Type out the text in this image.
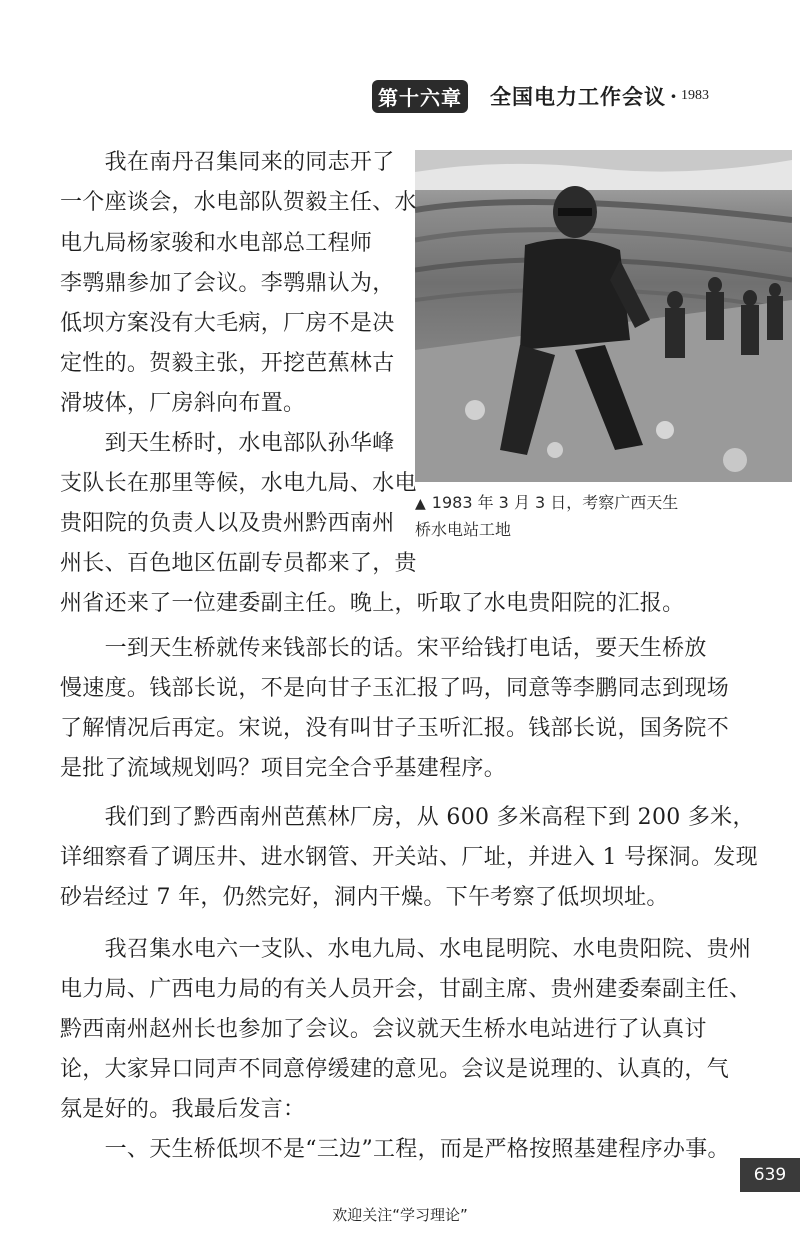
第十六章 全国电力工作会议 · 1983
▲ 1983 年 3 月 3 日，考察广西天生
桥水电站工地

　　我在南丹召集同来的同志开了

一个座谈会，水电部队贺毅主任、水

电九局杨家骏和水电部总工程师

李鹗鼎参加了会议。李鹗鼎认为，

低坝方案没有大毛病，厂房不是决

定性的。贺毅主张，开挖芭蕉林古

滑坡体，厂房斜向布置。

　　到天生桥时，水电部队孙华峰

支队长在那里等候，水电九局、水电

贵阳院的负责人以及贵州黔西南州

州长、百色地区伍副专员都来了，贵

州省还来了一位建委副主任。晚上，听取了水电贵阳院的汇报。

　　一到天生桥就传来钱部长的话。宋平给钱打电话，要天生桥放

慢速度。钱部长说，不是向甘子玉汇报了吗，同意等李鹏同志到现场

了解情况后再定。宋说，没有叫甘子玉听汇报。钱部长说，国务院不

是批了流域规划吗？项目完全合乎基建程序。

　　我们到了黔西南州芭蕉林厂房，从 600 多米高程下到 200 多米，

详细察看了调压井、进水钢管、开关站、厂址，并进入 1 号探洞。发现

砂岩经过 7 年，仍然完好，洞内干燥。下午考察了低坝坝址。

　　我召集水电六一支队、水电九局、水电昆明院、水电贵阳院、贵州

电力局、广西电力局的有关人员开会，甘副主席、贵州建委秦副主任、

黔西南州赵州长也参加了会议。会议就天生桥水电站进行了认真讨

论，大家异口同声不同意停缓建的意见。会议是说理的、认真的，气

氛是好的。我最后发言：

　　一、天生桥低坝不是“三边”工程，而是严格按照基建程序办事。

639
欢迎关注“学习理论”
